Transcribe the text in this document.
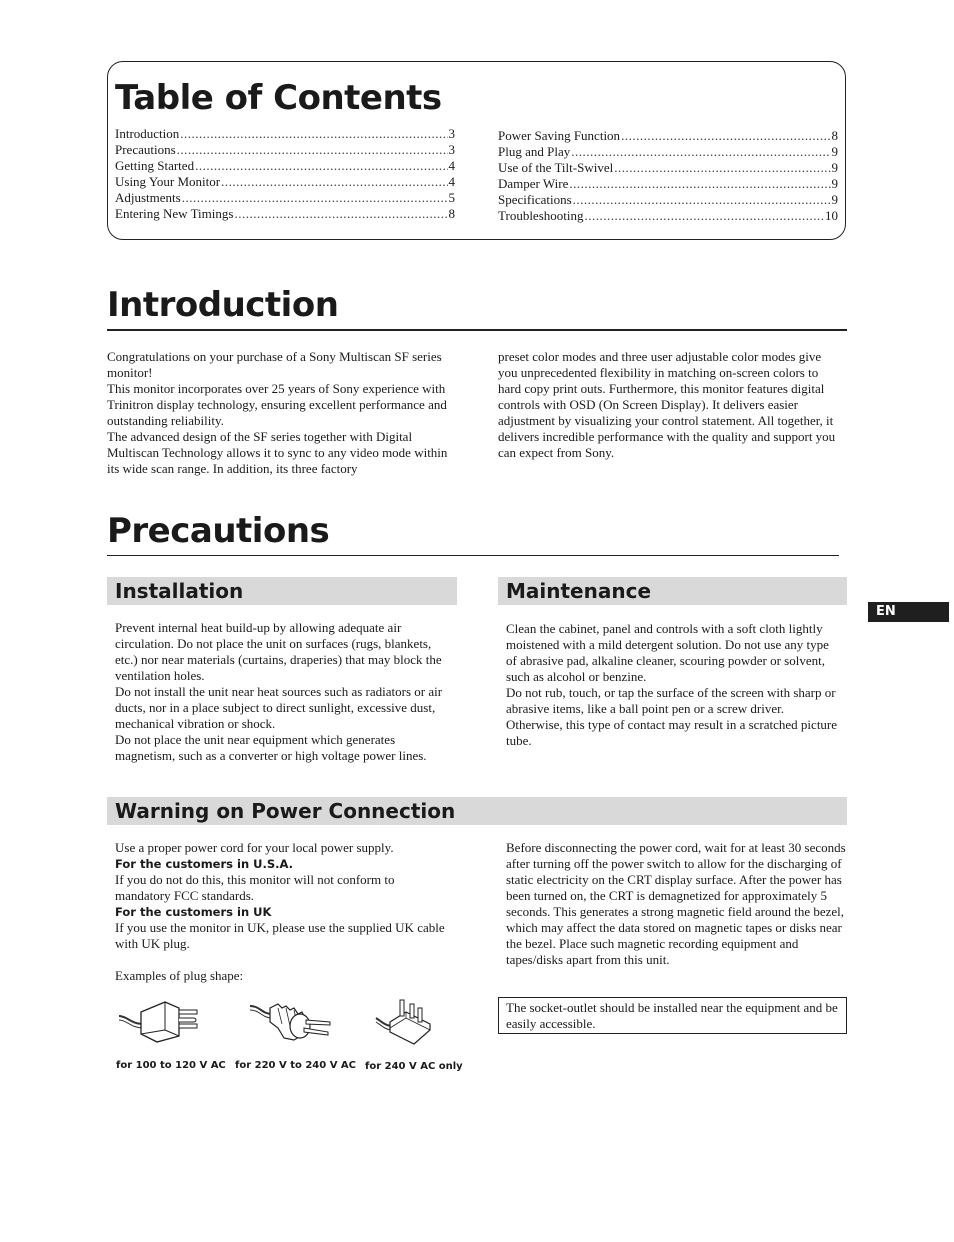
Table of Contents
Introduction .....	3
Precautions .....	3
Getting Started .....	4
Using Your Monitor .....	4
Adjustments .....	5
Entering New Timings .....	8
Power Saving Function .....	8
Plug and Play .....	9
Use of the Tilt-Swivel .....	9
Damper Wire .....	9
Specifications .....	9
Troubleshooting .....	10
Introduction

Congratulations on your purchase of a Sony Multiscan SF series monitor!

This monitor incorporates over 25 years of Sony experience with Trinitron display technology, ensuring excellent performance and outstanding reliability.

The advanced design of the SF series together with Digital Multiscan Technology allows it to sync to any video mode within its wide scan range. In addition, its three factory

preset color modes and three user adjustable color modes give you unprecedented flexibility in matching on-screen colors to hard copy print outs. Furthermore, this monitor features digital controls with OSD (On Screen Display). It delivers easier adjustment by visualizing your control statement. All together, it delivers incredible performance with the quality and support you can expect from Sony.

Precautions
EN
Installation

Prevent internal heat build-up by allowing adequate air circulation. Do not place the unit on surfaces (rugs, blankets, etc.) nor near materials (curtains, draperies) that may block the ventilation holes.

Do not install the unit near heat sources such as radiators or air ducts, nor in a place subject to direct sunlight, excessive dust, mechanical vibration or shock.

Do not place the unit near equipment which generates magnetism, such as a converter or high voltage power lines.

Maintenance

Clean the cabinet, panel and controls with a soft cloth lightly moistened with a mild detergent solution. Do not use any type of abrasive pad, alkaline cleaner, scouring powder or solvent, such as alcohol or benzine.

Do not rub, touch, or tap the surface of the screen with sharp or abrasive items, like a ball point pen or a screw driver. Otherwise, this type of contact may result in a scratched picture tube.

Warning on Power Connection

Use a proper power cord for your local power supply.

For the customers in U.S.A.

If you do not do this, this monitor will not conform to mandatory FCC standards.

For the customers in UK

If you use the monitor in UK, please use the supplied UK cable with UK plug.

Examples of plug shape:

for 100 to 120 V AC for 220 V to 240 V AC for 240 V AC only

Before disconnecting the power cord, wait for at least 30 seconds after turning off the power switch to allow for the discharging of static electricity on the CRT display surface. After the power has been turned on, the CRT is demagnetized for approximately 5 seconds. This generates a strong magnetic field around the bezel, which may affect the data stored on magnetic tapes or disks near the bezel. Place such magnetic recording equipment and tapes/disks apart from this unit.

The socket-outlet should be installed near the equipment and be easily accessible.
